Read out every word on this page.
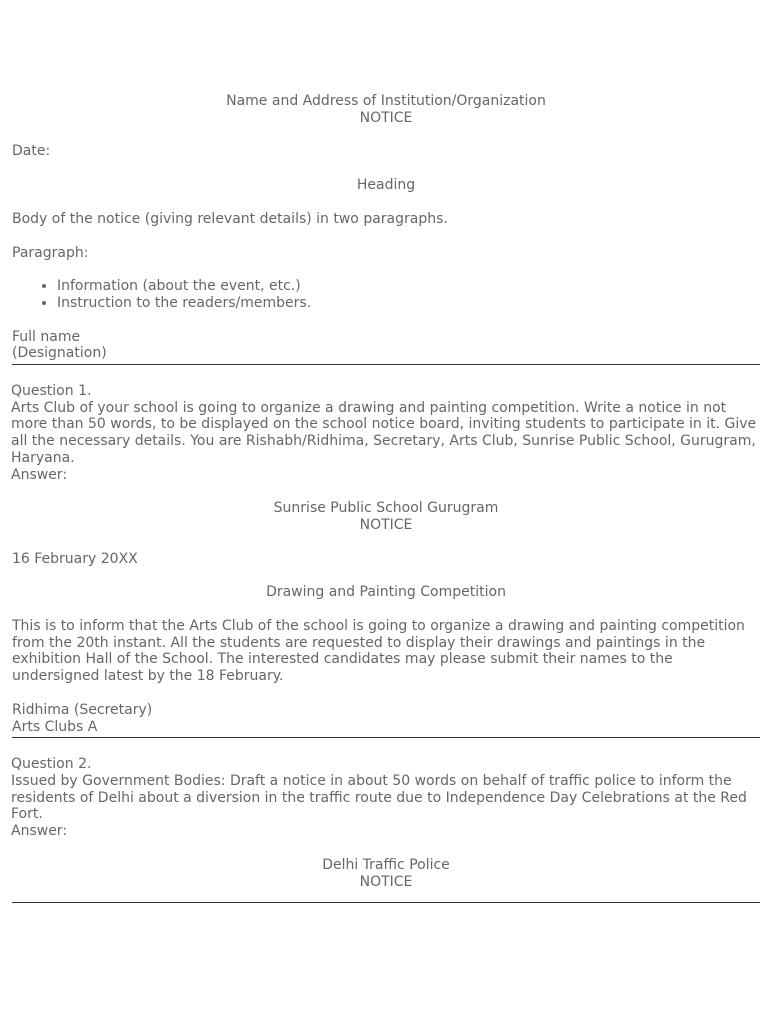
Name and Address of Institution/Organization
NOTICE
Date:
Heading
Body of the notice (giving relevant details) in two paragraphs.
Paragraph:
• Information (about the event, etc.)
• Instruction to the readers/members.
Full name
(Designation)
Question 1.

Arts Club of your school is going to organize a drawing and painting competition. Write a notice in not more than 50 words, to be displayed on the school notice board, inviting students to participate in it. Give all the necessary details. You are Rishabh/Ridhima, Secretary, Arts Club, Sunrise Public School, Gurugram, Haryana.

Answer:
Sunrise Public School Gurugram
NOTICE
16 February 20XX
Drawing and Painting Competition

This is to inform that the Arts Club of the school is going to organize a drawing and painting competition from the 20th instant. All the students are requested to display their drawings and paintings in the exhibition Hall of the School. The interested candidates may please submit their names to the undersigned latest by the 18 February.

Ridhima (Secretary)
Arts Clubs A
Question 2.

Issued by Government Bodies: Draft a notice in about 50 words on behalf of traffic police to inform the residents of Delhi about a diversion in the traffic route due to Independence Day Celebrations at the Red Fort.

Answer:
Delhi Traffic Police
NOTICE
